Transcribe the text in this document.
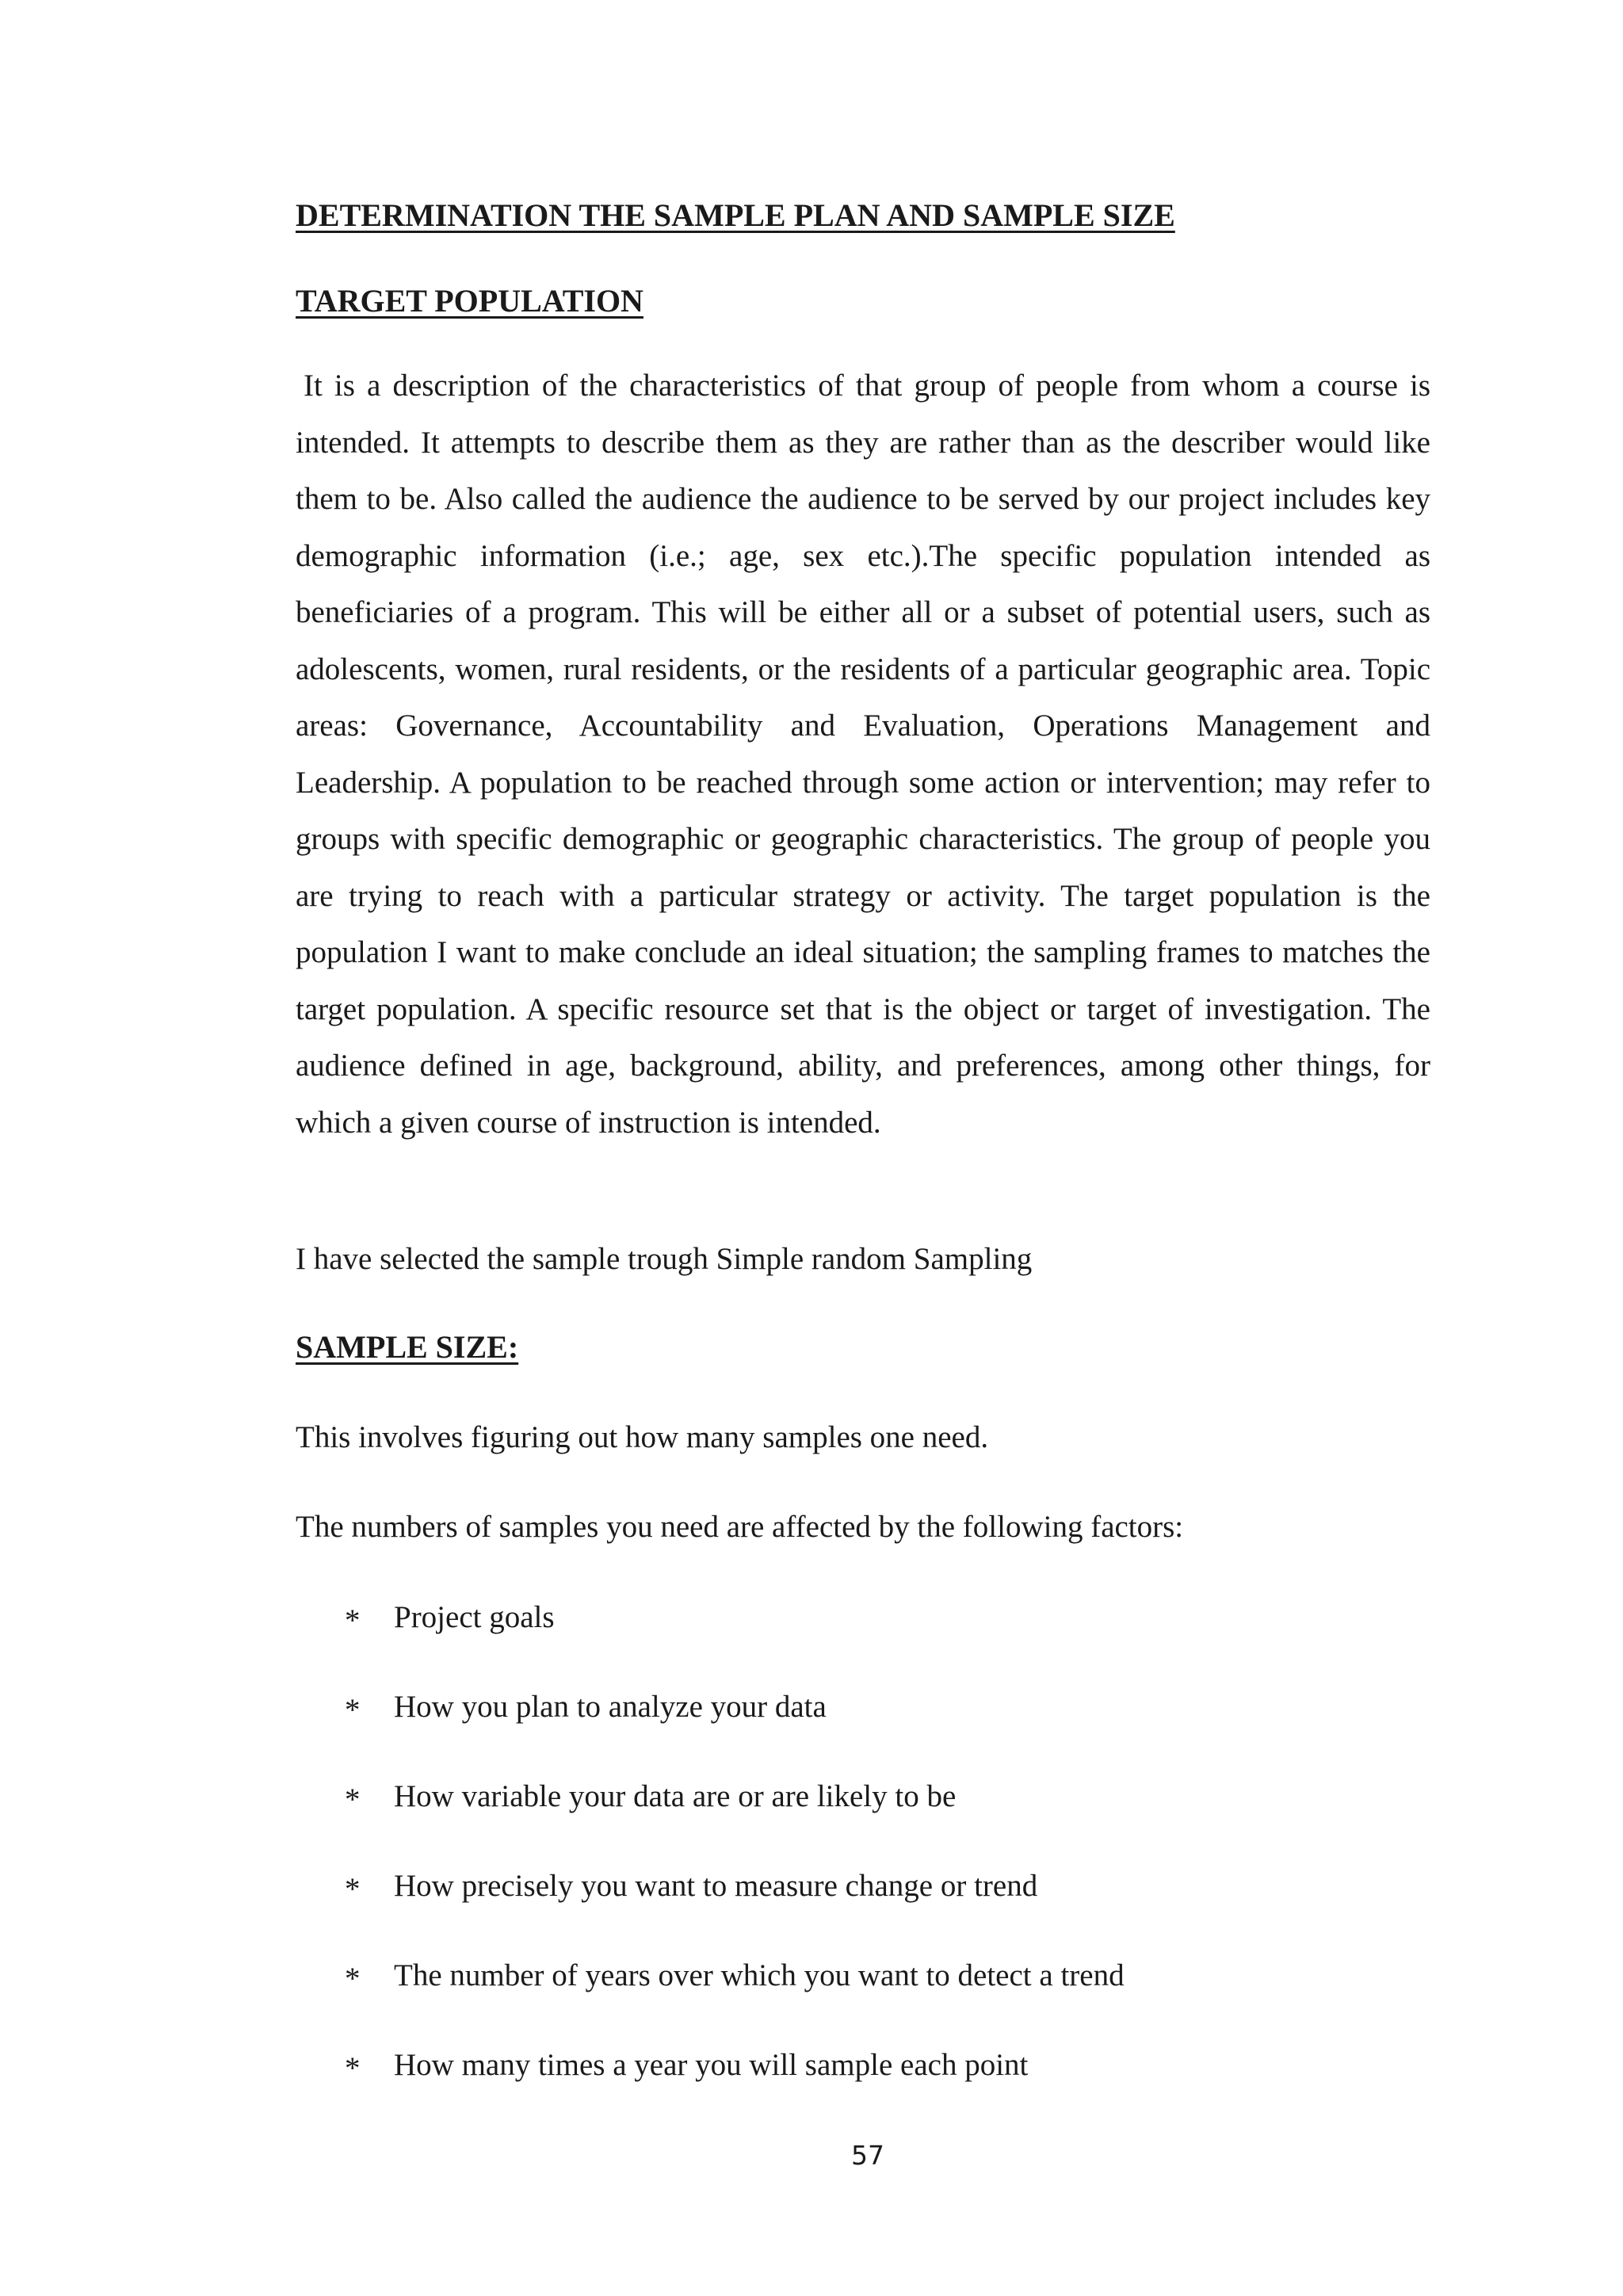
DETERMINATION THE SAMPLE PLAN AND SAMPLE SIZE
TARGET POPULATION

It is a description of the characteristics of that group of people from whom a course is intended. It attempts to describe them as they are rather than as the describer would like them to be. Also called the audience the audience to be served by our project includes key demographic information (i.e.; age, sex etc.).The specific population intended as beneficiaries of a program. This will be either all or a subset of potential users, such as adolescents, women, rural residents, or the residents of a particular geographic area. Topic areas: Governance, Accountability and Evaluation, Operations Management and Leadership. A population to be reached through some action or intervention; may refer to groups with specific demographic or geographic characteristics. The group of people you are trying to reach with a particular strategy or activity. The target population is the population I want to make conclude an ideal situation; the sampling frames to matches the target population. A specific resource set that is the object or target of investigation. The audience defined in age, background, ability, and preferences, among other things, for which a given course of instruction is intended.

I have selected the sample trough Simple random Sampling

SAMPLE SIZE:

This involves figuring out how many samples one need.

The numbers of samples you need are affected by the following factors:

* Project goals
* How you plan to analyze your data
* How variable your data are or are likely to be
* How precisely you want to measure change or trend
* The number of years over which you want to detect a trend
* How many times a year you will sample each point

57
